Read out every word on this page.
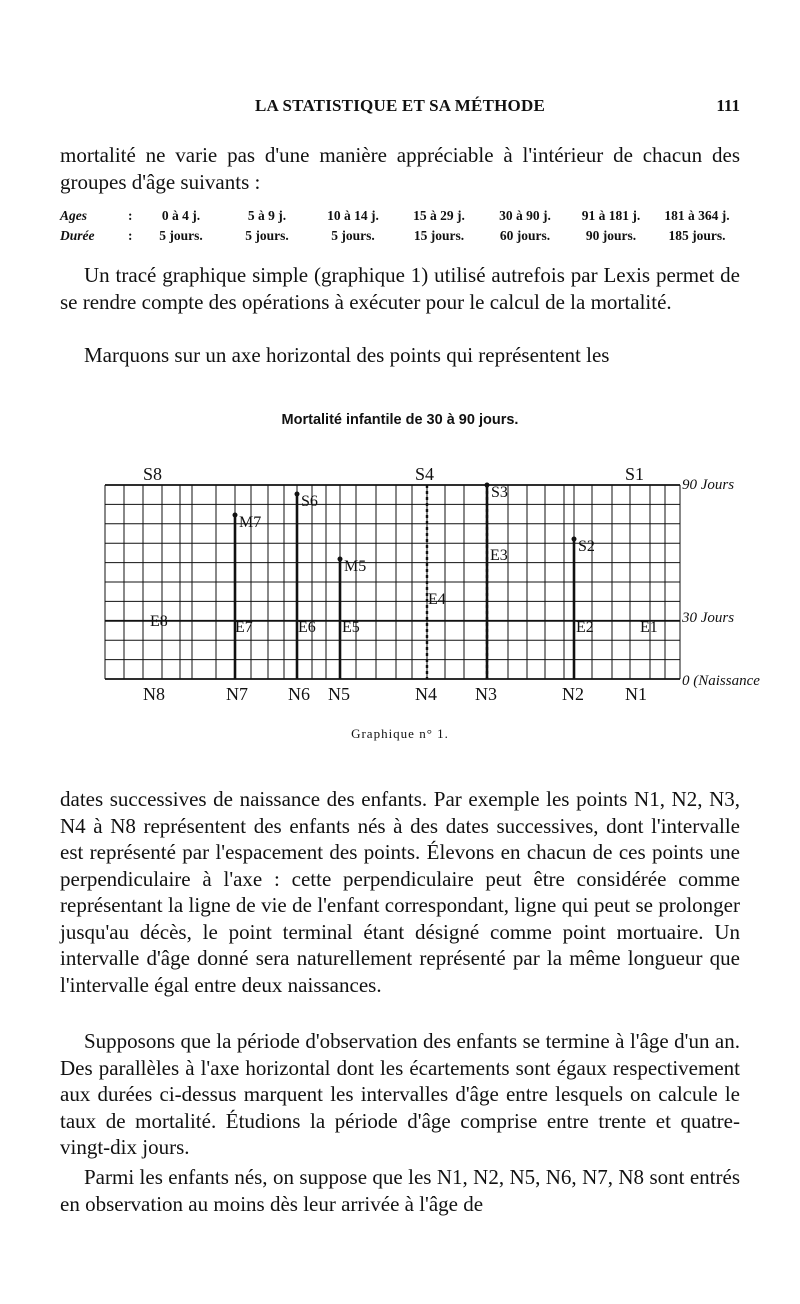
LA STATISTIQUE ET SA MÉTHODE	111
mortalité ne varie pas d'une manière appréciable à l'intérieur de chacun des groupes d'âge suivants :
Ages	:	0 à 4 j.	5 à 9 j.	10 à 14 j.	15 à 29 j.	30 à 90 j.	91 à 181 j.	181 à 364 j.
Durée	:	5 jours.	5 jours.	5 jours.	15 jours.	60 jours.	90 jours.	185 jours.
Un tracé graphique simple (graphique 1) utilisé autrefois par Lexis permet de se rendre compte des opérations à exécuter pour le calcul de la mortalité.
Marquons sur un axe horizontal des points qui représentent les
Mortalité infantile de 30 à 90 jours.
M7
S6
M5
S3
S2
S8	S4	S1
N8	N7 N6 N5	N4 N3	N2 N1
E8	E7	E6 E5
E4
E3
E2	E1
90 Jours
30 Jours
0 (Naissance
Graphique n° 1.
dates successives de naissance des enfants. Par exemple les points N1, N2, N3, N4 à N8 représentent des enfants nés à des dates successives, dont l'intervalle est représenté par l'espacement des points. Élevons en chacun de ces points une perpendiculaire à l'axe : cette perpendiculaire peut être considérée comme représentant la ligne de vie de l'enfant correspondant, ligne qui peut se prolonger jusqu'au décès, le point terminal étant désigné comme point mortuaire. Un intervalle d'âge donné sera naturellement représenté par la même longueur que l'intervalle égal entre deux naissances.
Supposons que la période d'observation des enfants se termine à l'âge d'un an. Des parallèles à l'axe horizontal dont les écartements sont égaux respectivement aux durées ci-dessus marquent les intervalles d'âge entre lesquels on calcule le taux de mortalité. Étudions la période d'âge comprise entre trente et quatre-vingt-dix jours.
Parmi les enfants nés, on suppose que les N1, N2, N5, N6, N7, N8 sont entrés en observation au moins dès leur arrivée à l'âge de
